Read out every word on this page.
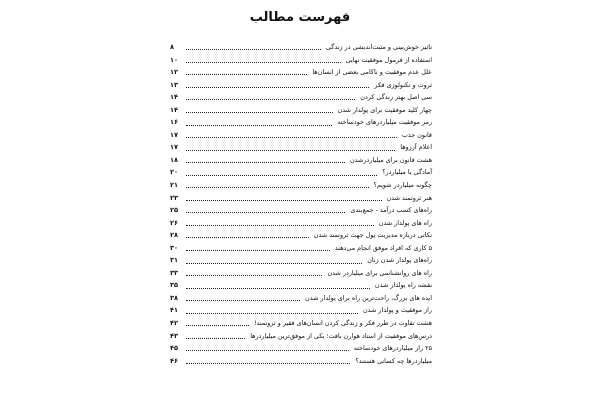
فهرست مطالب
تاثیر خوش‌بینی و مثبت‌اندیشی در زندگی
۸
استفاده از فرمول موفقیت نهایی
۱۰
علل عدم موفقیت و ناکامی بعضی از انسان‌ها
۱۲
ثروت و تکنولوژی فکر
۱۳
سی اصل بهتر زندگی کردن
۱۴
چهار کلید موفقیت برای پولدار شدن
۱۴
رمز موفقیت میلیاردرهای خودساخته
۱۶
قانون جذب
۱۷
اعلام آرزوها
۱۷
هشت قانون برای میلیاردرشدن
۱۸
آمادگی یا میلیاردر؟
۲۰
چگونه میلیاردر شویم؟
۲۱
هنر ثروتمند شدن
۲۳
راه‌های کسب درآمد - جمع‌بندی
۲۵
راه های پولدار شدن
۲۶
نکاتی درباره مدیریت پول جهت ثروتمند شدن
۲۸
۵ کاری که افراد موفق انجام می‌دهند
۳۰
راه‌های پولدار شدن زنان
۳۱
راه های روانشناسی برای میلیاردر شدن
۳۳
نقشه راه پولدار شدن
۳۵
ایده های بزرگ، راحت‌ترین راه برای پولدار شدن
۳۸
راز موفقیت و پولدار شدن
۴۱
هشت تفاوت در طرز فکر و زندگی کردن انسان‌های فقیر و ثروتمند!
۴۲
درس‌های موفقیت از استاد هوارن بافت؛ یکی از موفق‌ترین میلیاردرها
۴۳
۲۵ راز میلیاردرهای خودساخته
۴۵
میلیاردرها چه کسانی هستند؟
۴۶
